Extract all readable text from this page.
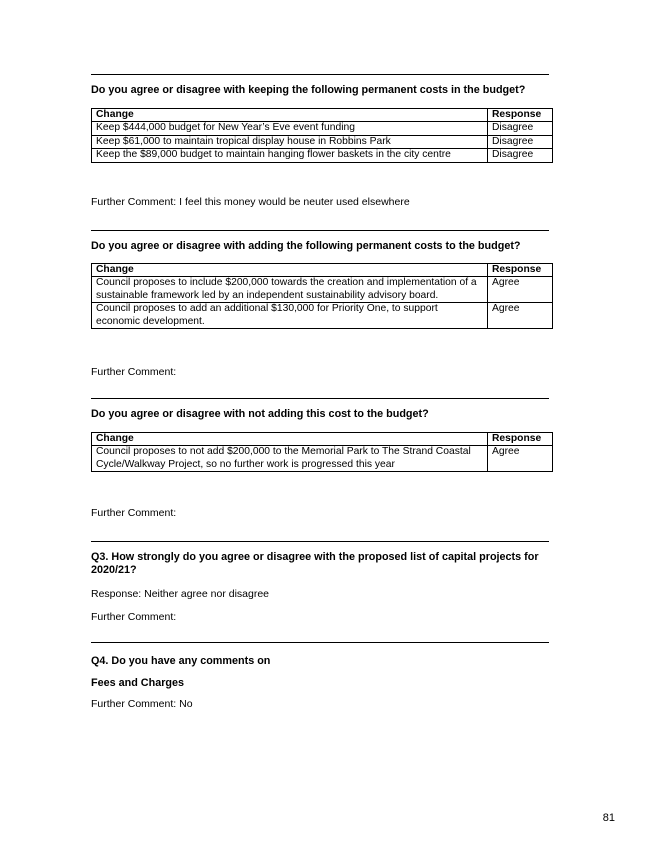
Do you agree or disagree with keeping the following permanent costs in the budget?
Change	Response
Keep $444,000 budget for New Year’s Eve event funding	Disagree
Keep $61,000 to maintain tropical display house in Robbins Park	Disagree
Keep the $89,000 budget to maintain hanging flower baskets in the city centre	Disagree
Further Comment: I feel this money would be neuter used elsewhere
Do you agree or disagree with adding the following permanent costs to the budget?
Change	Response
Council proposes to include $200,000 towards the creation and implementation of a sustainable framework led by an independent sustainability advisory board.	Agree
Council proposes to add an additional $130,000 for Priority One, to support economic development.	Agree
Further Comment:
Do you agree or disagree with not adding this cost to the budget?
Change	Response
Council proposes to not add $200,000 to the Memorial Park to The Strand Coastal Cycle/Walkway Project, so no further work is progressed this year	Agree
Further Comment:
Q3. How strongly do you agree or disagree with the proposed list of capital projects for 2020/21?
Response: Neither agree nor disagree
Further Comment:
Q4. Do you have any comments on
Fees and Charges
Further Comment: No
81
